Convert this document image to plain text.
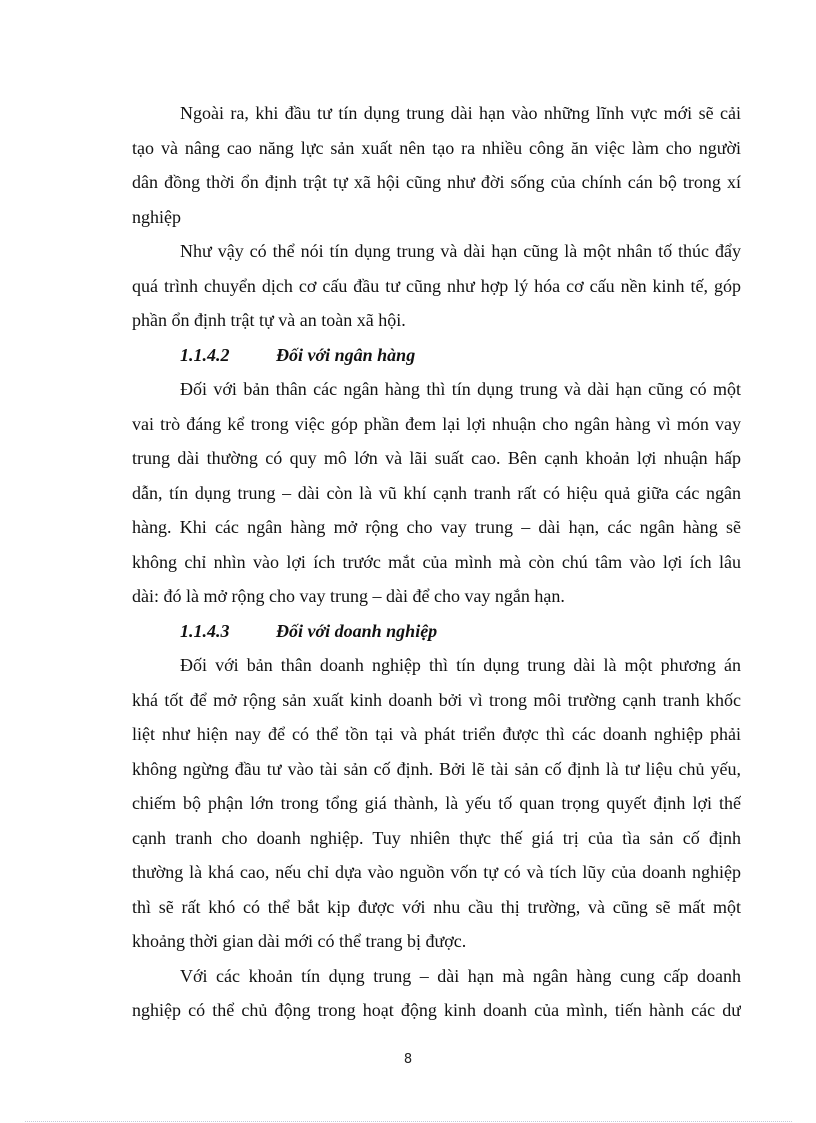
Ngoài ra, khi đầu tư tín dụng trung dài hạn vào những lĩnh vực mới sẽ cải
tạo và nâng cao năng lực sản xuất nên tạo ra nhiều công ăn việc làm cho người
dân đồng thời ổn định trật tự xã hội cũng như đời sống của chính cán bộ trong xí
nghiệp
Như vậy có thể nói tín dụng trung và dài hạn cũng là một nhân tố thúc đẩy
quá trình chuyển dịch cơ cấu đầu tư cũng như hợp lý hóa cơ cấu nền kinh tế, góp
phần ổn định trật tự và an toàn xã hội.
1.1.4.2	Đối với ngân hàng
Đối với bản thân các ngân hàng thì tín dụng trung và dài hạn cũng có một
vai trò đáng kể trong việc góp phần đem lại lợi nhuận cho ngân hàng vì món vay
trung dài thường có quy mô lớn và lãi suất cao. Bên cạnh khoản lợi nhuận hấp
dẫn, tín dụng trung – dài còn là vũ khí cạnh tranh rất có hiệu quả giữa các ngân
hàng. Khi các ngân hàng mở rộng cho vay trung – dài hạn, các ngân hàng sẽ
không chỉ nhìn vào lợi ích trước mắt của mình mà còn chú tâm vào lợi ích lâu
dài: đó là mở rộng cho vay trung – dài để cho vay ngắn hạn.
1.1.4.3	Đối với doanh nghiệp
Đối với bản thân doanh nghiệp thì tín dụng trung dài là một phương án
khá tốt để mở rộng sản xuất kinh doanh bởi vì trong môi trường cạnh tranh khốc
liệt như hiện nay để có thể tồn tại và phát triển được thì các doanh nghiệp phải
không ngừng đầu tư vào tài sản cố định. Bởi lẽ tài sản cố định là tư liệu chủ yếu,
chiếm bộ phận lớn trong tổng giá thành, là yếu tố quan trọng quyết định lợi thế
cạnh tranh cho doanh nghiệp. Tuy nhiên thực thế giá trị của tìa sản cố định
thường là khá cao, nếu chỉ dựa vào nguồn vốn tự có và tích lũy của doanh nghiệp
thì sẽ rất khó có thể bắt kịp được với nhu cầu thị trường, và cũng sẽ mất một
khoảng thời gian dài mới có thể trang bị được.
Với các khoản tín dụng trung – dài hạn mà ngân hàng cung cấp doanh
nghiệp có thể chủ động trong hoạt động kinh doanh của mình, tiến hành các dư
8
